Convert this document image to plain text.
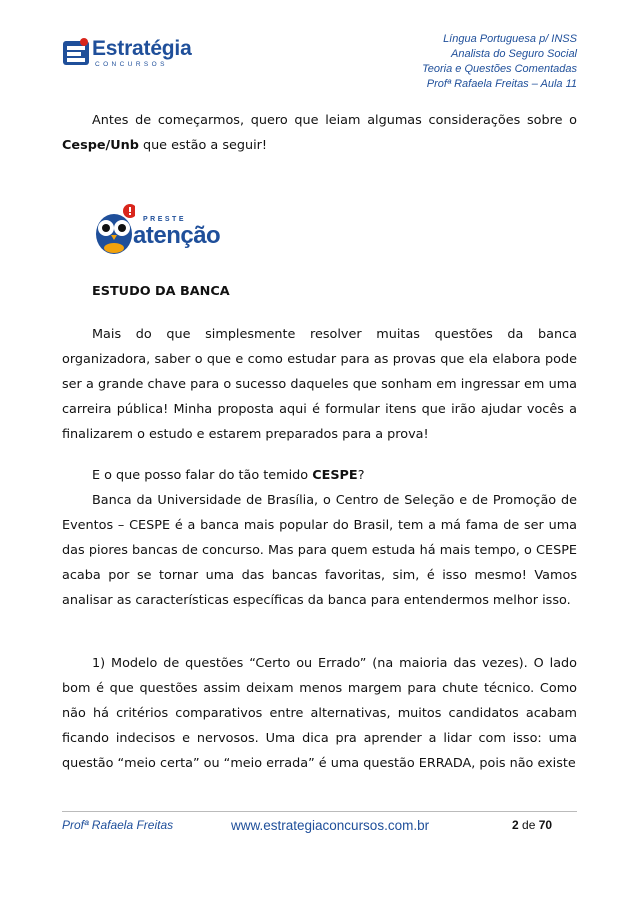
Estratégia
CONCURSOS
Língua Portuguesa p/ INSS
Analista do Seguro Social
Teoria e Questões Comentadas
Profª Rafaela Freitas – Aula 11
Antes de começarmos, quero que leiam algumas considerações sobre o Cespe/Unb que estão a seguir!
PRESTE
atenção
ESTUDO DA BANCA
Mais do que simplesmente resolver muitas questões da banca organizadora, saber o que e como estudar para as provas que ela elabora pode ser a grande chave para o sucesso daqueles que sonham em ingressar em uma carreira pública! Minha proposta aqui é formular itens que irão ajudar vocês a finalizarem o estudo e estarem preparados para a prova!
E o que posso falar do tão temido CESPE?
Banca da Universidade de Brasília, o Centro de Seleção e de Promoção de Eventos – CESPE é a banca mais popular do Brasil, tem a má fama de ser uma das piores bancas de concurso. Mas para quem estuda há mais tempo, o CESPE acaba por se tornar uma das bancas favoritas, sim, é isso mesmo! Vamos analisar as características específicas da banca para entendermos melhor isso.
1) Modelo de questões “Certo ou Errado” (na maioria das vezes). O lado bom é que questões assim deixam menos margem para chute técnico. Como não há critérios comparativos entre alternativas, muitos candidatos acabam ficando indecisos e nervosos. Uma dica pra aprender a lidar com isso: uma questão “meio certa” ou “meio errada” é uma questão ERRADA, pois não existe
Profª Rafaela Freitas	www.estrategiaconcursos.com.br	2 de 70
